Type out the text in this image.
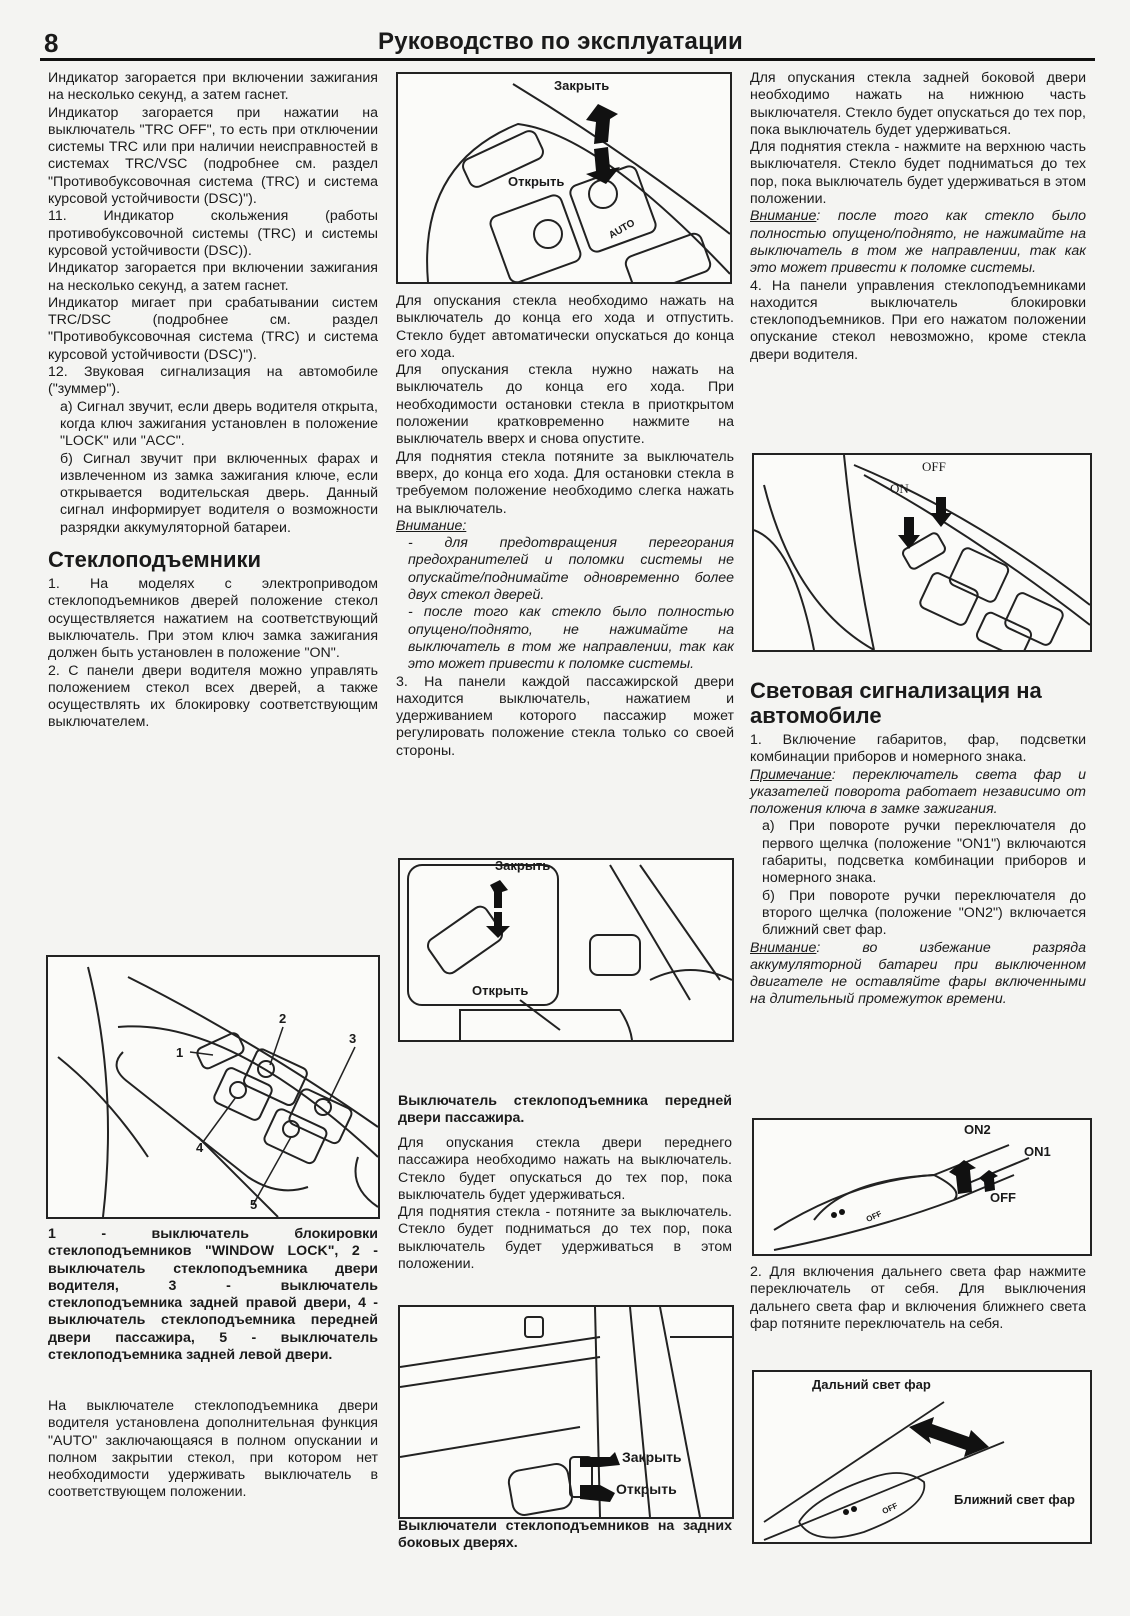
8	Руководство по эксплуатации

Индикатор загорается при включении зажигания на несколько секунд, а затем гаснет.

Индикатор загорается при нажатии на выключатель "TRC OFF", то есть при отключении системы TRC или при наличии неисправностей в системах TRC/VSC (подробнее см. раздел "Противобуксовочная система (TRC) и система курсовой устойчивости (DSC)").

11. Индикатор скольжения (работы противобуксовочной системы (TRC) и системы курсовой устойчивости (DSC)).

Индикатор загорается при включении зажигания на несколько секунд, а затем гаснет.

Индикатор мигает при срабатывании систем TRC/DSC (подробнее см. раздел "Противобуксовочная система (TRC) и система курсовой устойчивости (DSC)").

12. Звуковая сигнализация на автомобиле ("зуммер").

а) Сигнал звучит, если дверь водителя открыта, когда ключ зажигания установлен в положение "LOCK" или "ACC".

б) Сигнал звучит при включенных фарах и извлеченном из замка зажигания ключе, если открывается водительская дверь. Данный сигнал информирует водителя о возможности разрядки аккумуляторной батареи.

Стеклоподъемники

1. На моделях с электроприводом стеклоподъемников дверей положение стекол осуществляется нажатием на соответствующий выключатель. При этом ключ замка зажигания должен быть установлен в положение "ON".

2. С панели двери водителя можно управлять положением стекол всех дверей, а также осуществлять их блокировку соответствующим выключателем.

1
2
3
4
5
1 - выключатель блокировки стеклоподъемников "WINDOW LOCK", 2 - выключатель стеклоподъемника двери водителя, 3 - выключатель стеклоподъемника задней правой двери, 4 - выключатель стеклоподъемника передней двери пассажира, 5 - выключатель стеклоподъемника задней левой двери.
На выключателе стеклоподъемника двери водителя установлена дополнительная функция "AUTO" заключающаяся в полном опускании и полном закрытии стекол, при котором нет необходимости удерживать выключатель в соответствующем положении.
Закрыть
Открыть
AUTO

Для опускания стекла необходимо нажать на выключатель до конца его хода и отпустить. Стекло будет автоматически опускаться до конца его хода.

Для опускания стекла нужно нажать на выключатель до конца его хода. При необходимости остановки стекла в приоткрытом положении кратковременно нажмите на выключатель вверх и снова опустите.

Для поднятия стекла потяните за выключатель вверх, до конца его хода. Для остановки стекла в требуемом положение необходимо слегка нажать на выключатель.

Внимание:

- для предотвращения перегорания предохранителей и поломки системы не опускайте/поднимайте одновременно более двух стекол дверей.

- после того как стекло было полностью опущено/поднято, не нажимайте на выключатель в том же направлении, так как это может привести к поломке системы.

3. На панели каждой пассажирской двери находится выключатель, нажатием и удерживанием которого пассажир может регулировать положение стекла только со своей стороны.

Закрыть
Открыть
Выключатель стеклоподъемника передней двери пассажира.

Для опускания стекла двери переднего пассажира необходимо нажать на выключатель. Стекло будет опускаться до тех пор, пока выключатель будет удерживаться.

Для поднятия стекла - потяните за выключатель. Стекло будет подниматься до тех пор, пока выключатель будет удерживаться в этом положении.

Закрыть
Открыть
Выключатели стеклоподъемников на задних боковых дверях.

Для опускания стекла задней боковой двери необходимо нажать на нижнюю часть выключателя. Стекло будет опускаться до тех пор, пока выключатель будет удерживаться.

Для поднятия стекла - нажмите на верхнюю часть выключателя. Стекло будет подниматься до тех пор, пока выключатель будет удерживаться в этом положении.

Внимание: после того как стекло было полностью опущено/поднято, не нажимайте на выключатель в том же направлении, так как это может привести к поломке системы.

4. На панели управления стеклоподъемниками находится выключатель блокировки стеклоподъемников. При его нажатом положении опускание стекол невозможно, кроме стекла двери водителя.

OFF
ON
Световая сигнализация на автомобиле

1. Включение габаритов, фар, подсветки комбинации приборов и номерного знака.

Примечание: переключатель света фар и указателей поворота работает независимо от положения ключа в замке зажигания.

а) При повороте ручки переключателя до первого щелчка (положение "ON1") включаются габариты, подсветка комбинации приборов и номерного знака.

б) При повороте ручки переключателя до второго щелчка (положение "ON2") включается ближний свет фар.

Внимание: во избежание разряда аккумуляторной батареи при выключенном двигателе не оставляйте фары включенными на длительный промежуток времени.

ON2
ON1
OFF
OFF
2. Для включения дальнего света фар нажмите переключатель от себя. Для выключения дальнего света фар и включения ближнего света фар потяните переключатель на себя.
Дальний свет фар
Ближний свет фар
OFF
